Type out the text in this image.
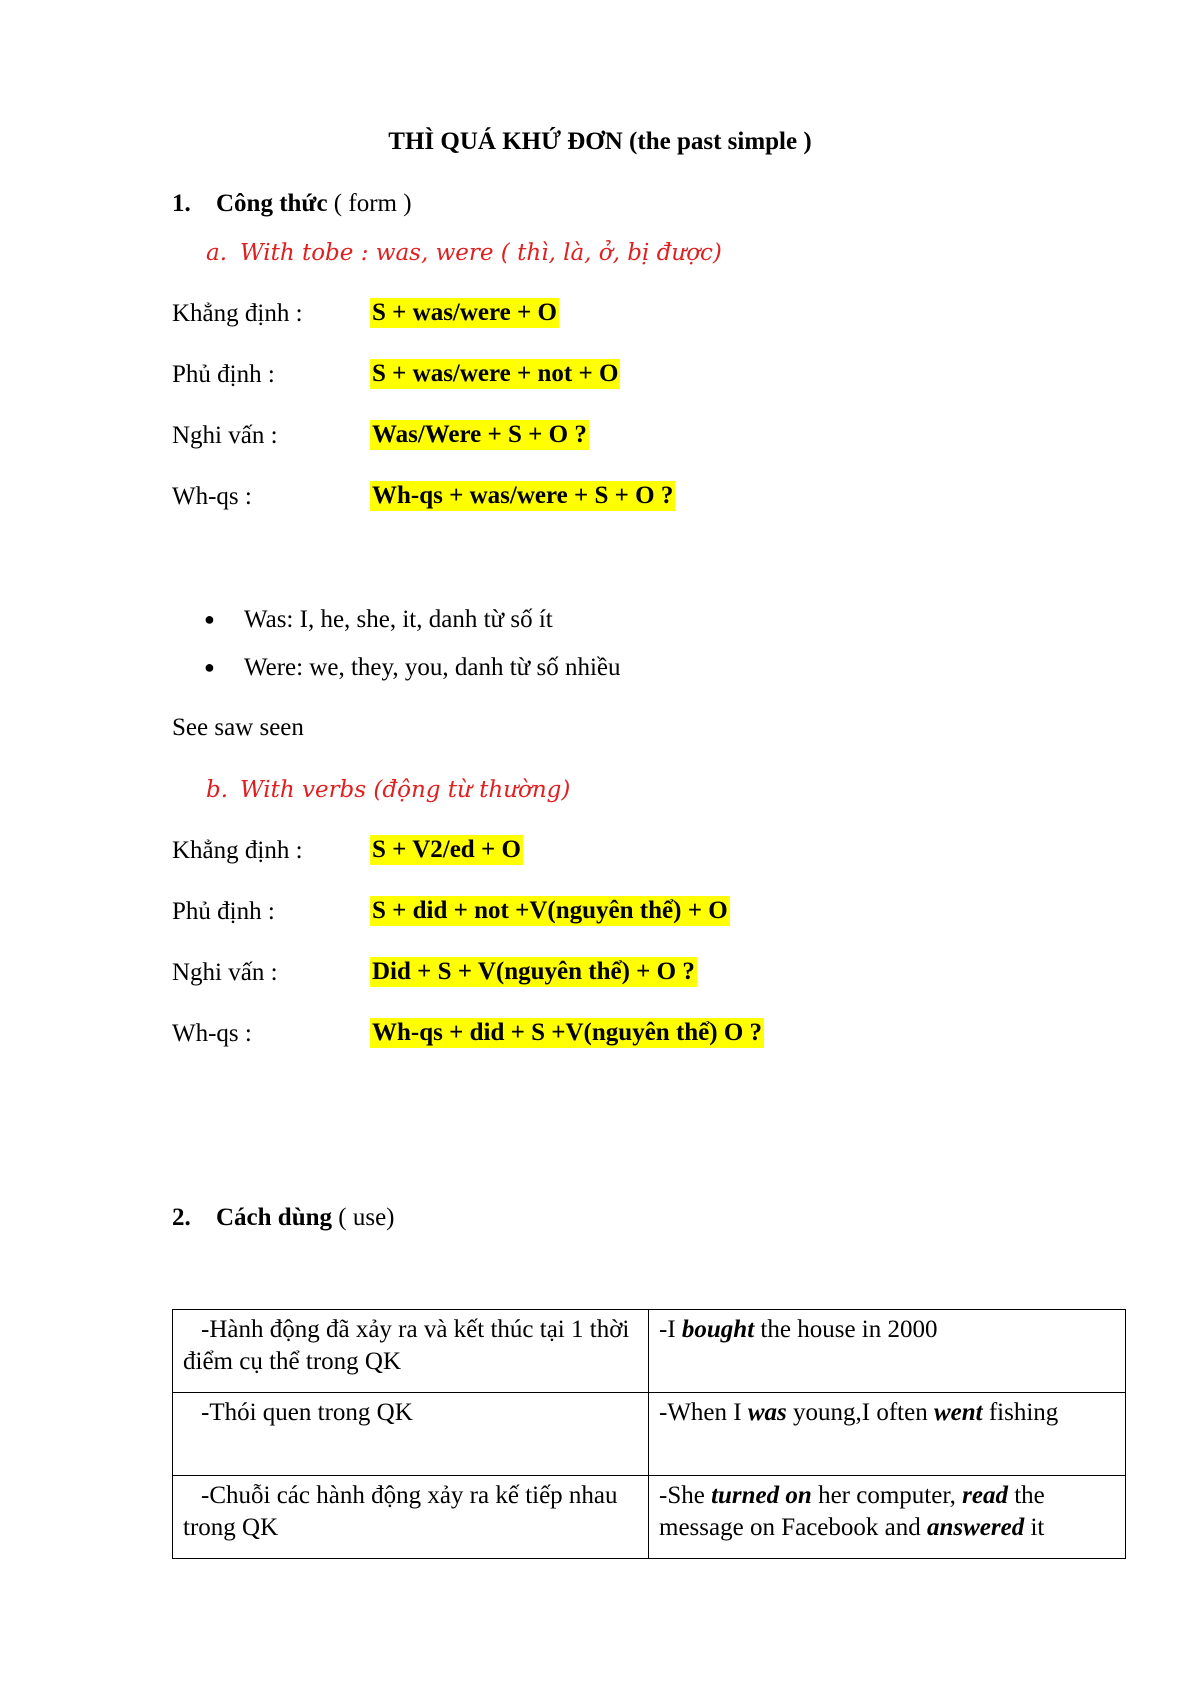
THÌ QUÁ KHỨ ĐƠN (the past simple )
1. Công thức ( form )
a. With tobe : was, were ( thì, là, ở, bị được)
Khẳng định :	S + was/were + O
Phủ định :	S + was/were + not + O
Nghi vấn :	Was/Were + S + O ?
Wh-qs :	Wh-qs + was/were + S + O ?
● Was: I, he, she, it, danh từ số ít
● Were: we, they, you, danh từ số nhiều
See saw seen
b. With verbs (động từ thường)
Khẳng định :	S + V2/ed + O
Phủ định :	S + did + not +V(nguyên thể) + O
Nghi vấn :	Did + S + V(nguyên thể) + O ?
Wh-qs :	Wh-qs + did + S +V(nguyên thể) O ?
2. Cách dùng ( use)
-Hành động đã xảy ra và kết thúc tại 1 thời điểm cụ thể trong QK	-I bought the house in 2000
-Thói quen trong QK	-When I was young,I often went fishing
-Chuỗi các hành động xảy ra kế tiếp nhau trong QK	-She turned on her computer, read the message on Facebook and answered it
